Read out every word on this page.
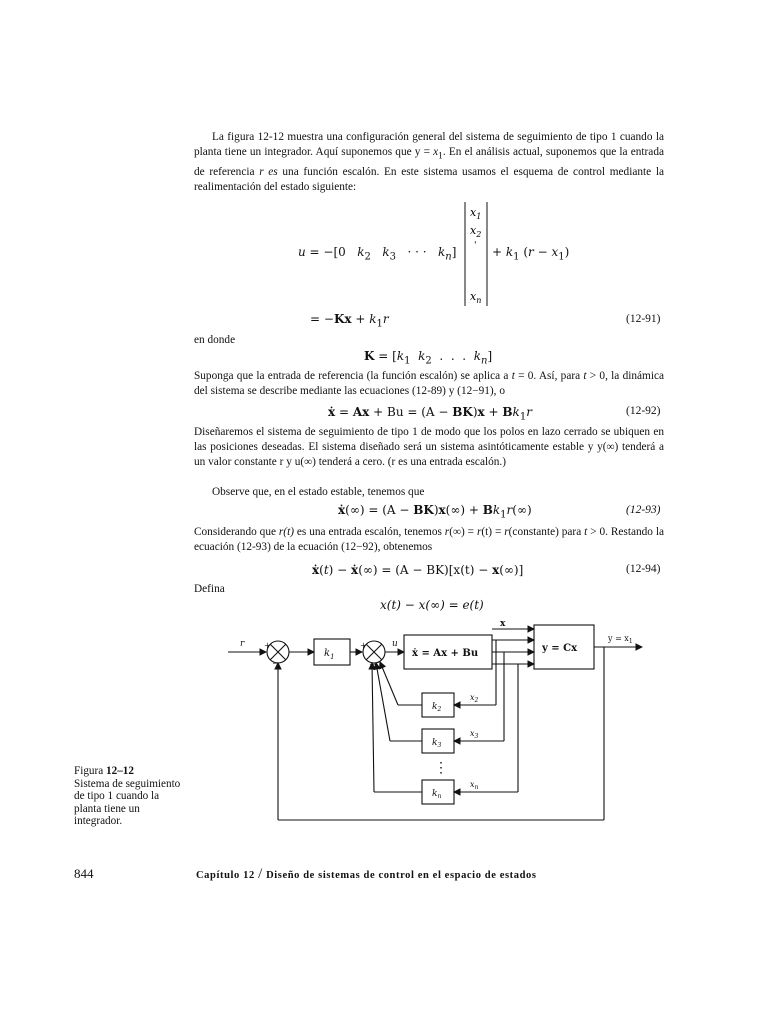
La figura 12-12 muestra una configuración general del sistema de seguimiento de tipo 1 cuando la planta tiene un integrador. Aquí suponemos que $y = x_1$. En el análisis actual, suponemos que la entrada de referencia r es una función escalón. En este sistema usamos el esquema de control mediante la realimentación del estado siguiente:
u = −[0   $k_2$ $k_3$   · · ·   $k_n$]
$x_1$
$x_2$
'
$x_n$
+ $k_1$ $(r - x_1)$
= $-Kx + k_1r$	(12-91)
en donde
$K = [k_1$ $k_2$  .  .  .  $k_n$]
Suponga que la entrada de referencia (la función escalón) se aplica a t = 0. Así, para t > 0, la dinámica del sistema se describe mediante las ecuaciones (12-89) y (12−91), o
ẋ = $Ax + Bu = (A - BK)x + Bk_1r$	(12-92)
Diseñaremos el sistema de seguimiento de tipo 1 de modo que los polos en lazo cerrado se ubiquen en las posiciones deseadas. El sistema diseñado será un sistema asintóticamente estable y y(∞) tenderá a un valor constante r y u(∞) tenderá a cero. (r es una entrada escalón.)
Observe que, en el estado estable, tenemos que
ẋ(∞) = $(A - BK)x(\infty) + Bk_1r(\infty)$	(12-93)
Considerando que r(t) es una entrada escalón, tenemos r(∞) = r(t) = r(constante) para t > 0. Restando la ecuación (12-93) de la ecuación (12−92), obtenemos
ẋ(t) − ẋ(∞) = (A − BK)[x(t) − x(∞)]	(12-94)
Defina
x(t) − x(∞) = e(t)
r +
−
$k_1$
+
−
u
ẋ = Ax + Bu
x
y = Cx
$y = x_1$
$k_2$
$x_2$
$k_3$
$x_3$
⋮
$k_n$
$x_n$
Figura 12–12
Sistema de seguimiento de tipo 1 cuando la planta tiene un integrador.
844	Capítulo 12 / Diseño de sistemas de control en el espacio de estados
